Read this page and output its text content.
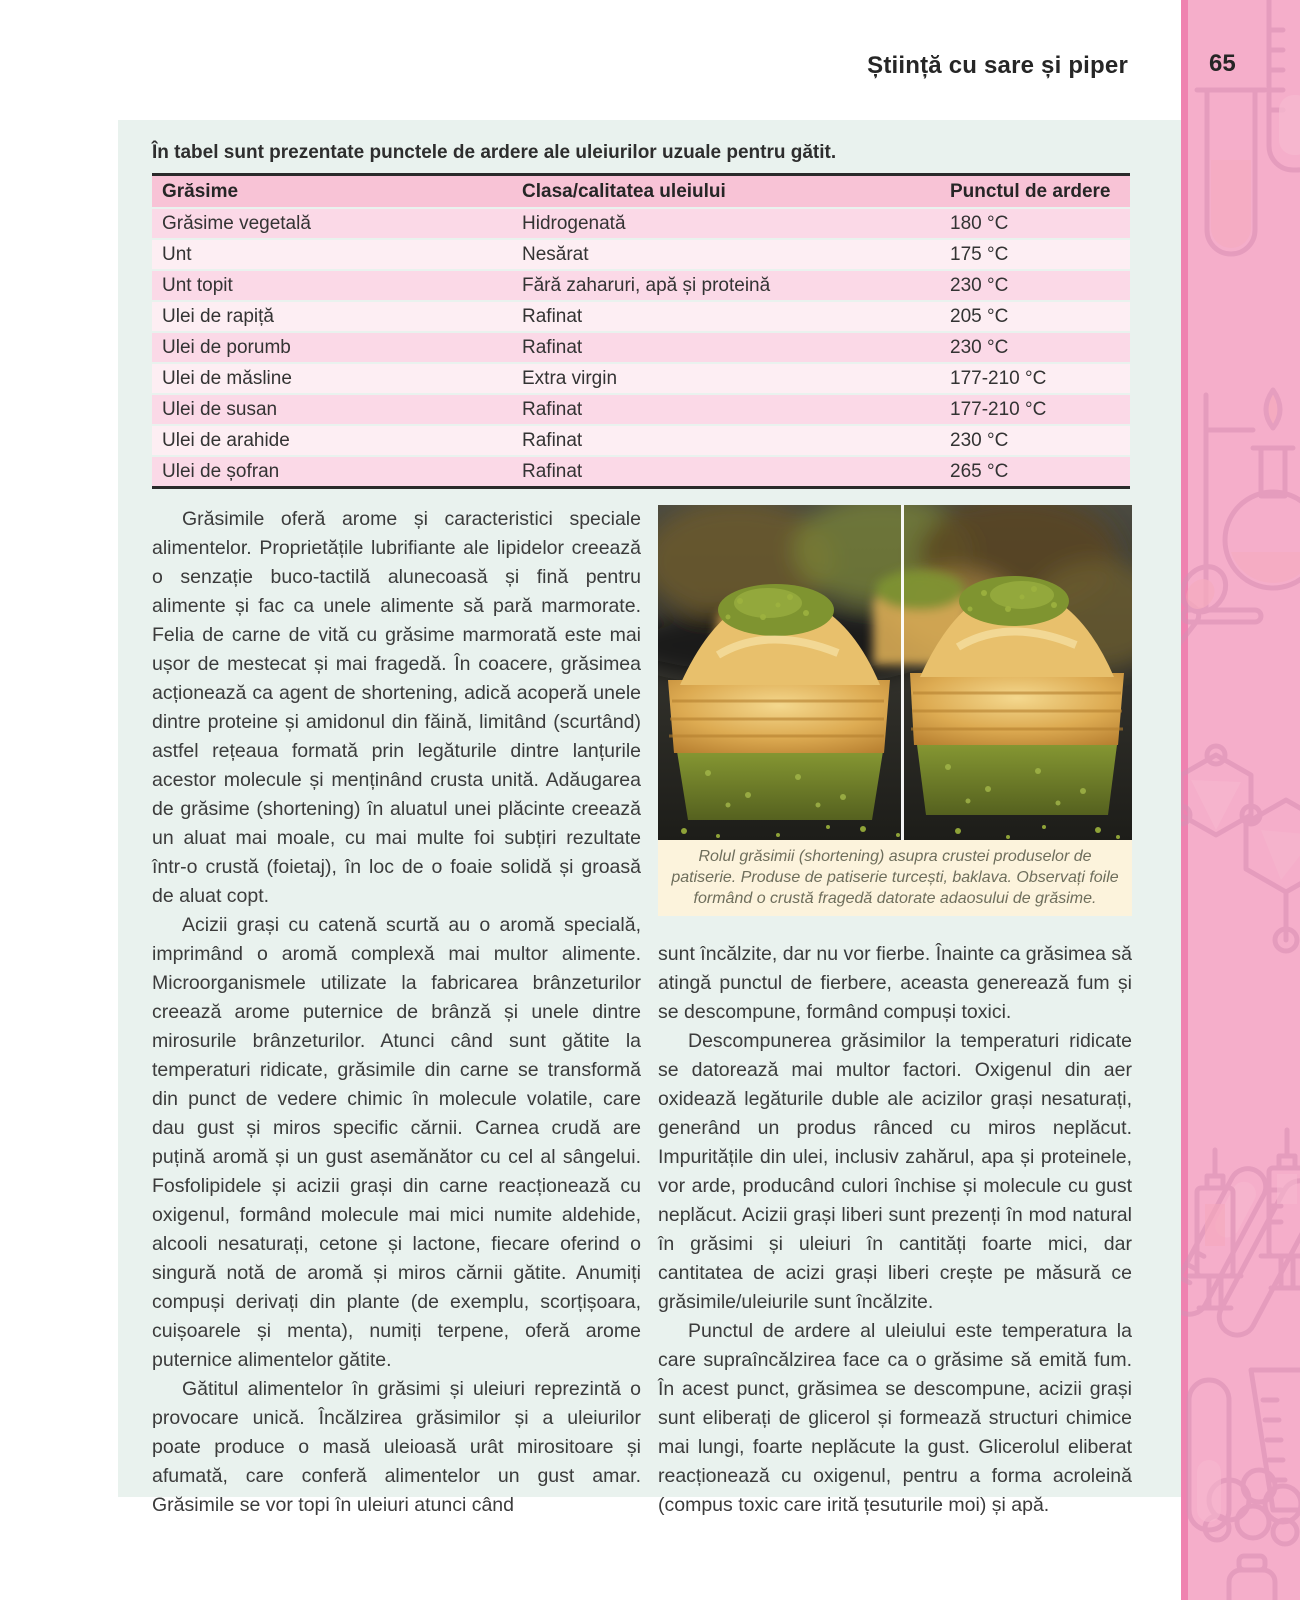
Știință cu sare și piper	65
În tabel sunt prezentate punctele de ardere ale uleiurilor uzuale pentru gătit.
Grăsime	Clasa/calitatea uleiului	Punctul de ardere
Grăsime vegetală	Hidrogenată	180 °C
Unt	Nesărat	175 °C
Unt topit	Fără zaharuri, apă și proteină	230 °C
Ulei de rapiță	Rafinat	205 °C
Ulei de porumb	Rafinat	230 °C
Ulei de măsline	Extra virgin	177-210 °C
Ulei de susan	Rafinat	177-210 °C
Ulei de arahide	Rafinat	230 °C
Ulei de șofran	Rafinat	265 °C

Grăsimile oferă arome și caracteristici speciale alimentelor. Proprietățile lubrifiante ale lipidelor creează o senzație buco-tactilă alunecoasă și fină pentru alimente și fac ca unele alimente să pară marmorate. Felia de carne de vită cu grăsime marmorată este mai ușor de mestecat și mai fragedă. În coacere, grăsimea acționează ca agent de shortening, adică acoperă unele dintre proteine și amidonul din făină, limitând (scurtând) astfel rețeaua formată prin legăturile dintre lanțurile acestor molecule și menținând crusta unită. Adăugarea de grăsime (shortening) în aluatul unei plăcinte creează un aluat mai moale, cu mai multe foi subțiri rezultate într-o crustă (foietaj), în loc de o foaie solidă și groasă de aluat copt.

Acizii grași cu catenă scurtă au o aromă specială, imprimând o aromă complexă mai multor alimente. Microorganismele utilizate la fabricarea brânzeturilor creează arome puternice de brânză și unele dintre mirosurile brânzeturilor. Atunci când sunt gătite la temperaturi ridicate, grăsimile din carne se transformă din punct de vedere chimic în molecule volatile, care dau gust și miros specific cărnii. Carnea crudă are puțină aromă și un gust asemănător cu cel al sângelui. Fosfolipidele și acizii grași din carne reacționează cu oxigenul, formând molecule mai mici numite aldehide, alcooli nesaturați, cetone și lactone, fiecare oferind o singură notă de aromă și miros cărnii gătite. Anumiți compuși derivați din plante (de exemplu, scorțișoara, cuișoarele și menta), numiți terpene, oferă arome puternice alimentelor gătite.

Gătitul alimentelor în grăsimi și uleiuri reprezintă o provocare unică. Încălzirea grăsimilor și a uleiurilor poate produce o masă uleioasă urât mirositoare și afumată, care conferă alimentelor un gust amar. Grăsimile se vor topi în uleiuri atunci când

Rolul grăsimii (shortening) asupra crustei produselor de patiserie. Produse de patiserie turcești, baklava. Observați foile formând o crustă fragedă datorate adaosului de grăsime.

sunt încălzite, dar nu vor fierbe. Înainte ca grăsimea să atingă punctul de fierbere, aceasta generează fum și se descompune, formând compuși toxici.

Descompunerea grăsimilor la temperaturi ridicate se datorează mai multor factori. Oxigenul din aer oxidează legăturile duble ale acizilor grași nesaturați, generând un produs rânced cu miros neplăcut. Impuritățile din ulei, inclusiv zahărul, apa și proteinele, vor arde, producând culori închise și molecule cu gust neplăcut. Acizii grași liberi sunt prezenți în mod natural în grăsimi și uleiuri în cantități foarte mici, dar cantitatea de acizi grași liberi crește pe măsură ce grăsimile/uleiurile sunt încălzite.

Punctul de ardere al uleiului este temperatura la care supraîncălzirea face ca o grăsime să emită fum. În acest punct, grăsimea se descompune, acizii grași sunt eliberați de glicerol și formează structuri chimice mai lungi, foarte neplăcute la gust. Glicerolul eliberat reacționează cu oxigenul, pentru a forma acroleină (compus toxic care irită țesuturile moi) și apă.
